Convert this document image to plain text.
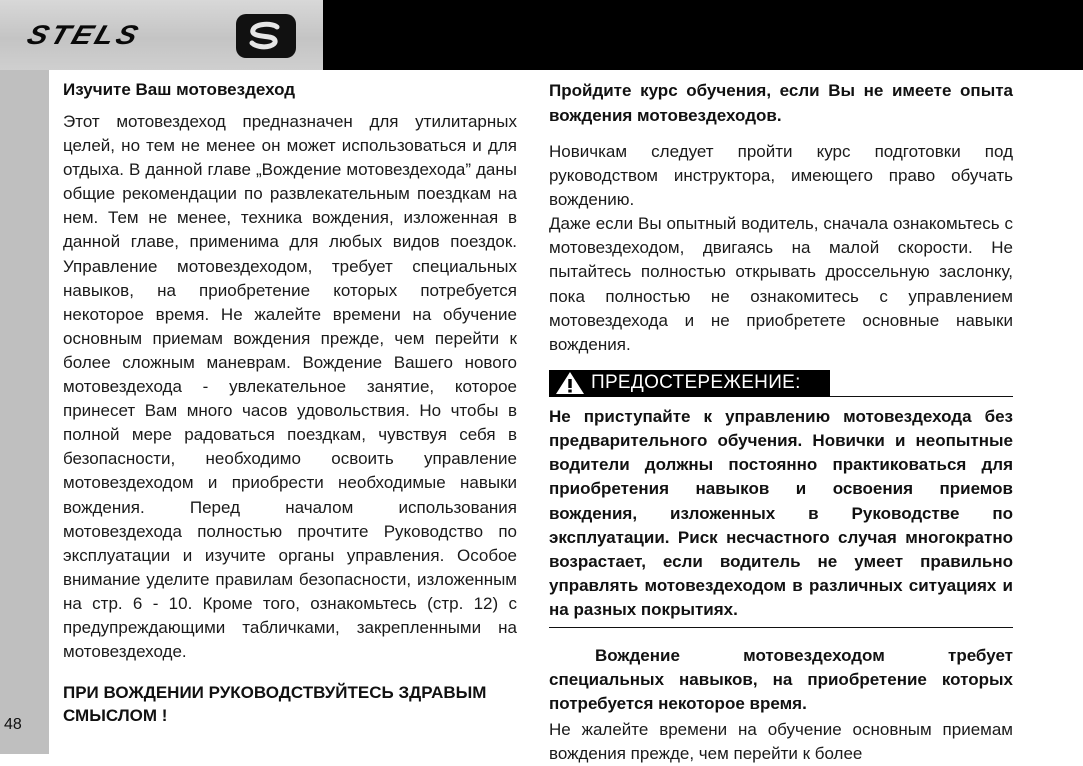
STELS
48

Изучите Ваш мотовездеход

Этот мотовездеход предназначен для утилитарных целей, но тем не менее он может использоваться и для отдыха. В данной главе „Вождение мотовездехода” даны общие рекомендации по развлекательным поездкам на нем. Тем не менее, техника вождения, изложенная в данной главе, применима для любых видов поездок. Управление мотовездеходом, требует специальных навыков, на приобретение которых потребуется некоторое время. Не жалейте времени на обучение основным приемам вождения прежде, чем перейти к более сложным маневрам. Вождение Вашего нового мотовездехода - увлекательное занятие, которое принесет Вам много часов удовольствия. Но чтобы в полной мере радоваться поездкам, чувствуя себя в безопасности, необходимо освоить управление мотовездеходом и приобрести необходимые навыки вождения. Перед началом использования мотовездехода полностью прочтите Руководство по эксплуатации и изучите органы управления. Особое внимание уделите правилам безопасности, изложенным на стр. 6 - 10. Кроме того, ознакомьтесь (стр. 12) с предупреждающими табличками, закрепленными на мотовездеходе.

ПРИ ВОЖДЕНИИ РУКОВОДСТВУЙТЕСЬ ЗДРАВЫМ СМЫСЛОМ !

Пройдите курс обучения, если Вы не имеете опыта вождения мотовездеходов.

Новичкам следует пройти курс подготовки под руководством инструктора, имеющего право обучать вождению.

Даже если Вы опытный водитель, сначала ознакомьтесь с мотовездеходом, двигаясь на малой скорости. Не пытайтесь полностью открывать дроссельную заслонку, пока полностью не ознакомитесь с управлением мотовездехода и не приобретете основные навыки вождения.

ПРЕДОСТЕРЕЖЕНИЕ:

Не приступайте к управлению мотовездехода без предварительного обучения. Новички и неопытные водители должны постоянно практиковаться для приобретения навыков и освоения приемов вождения, изложенных в Руководстве по эксплуатации. Риск несчастного случая многократно возрастает, если водитель не умеет правильно управлять мотовездеходом в различных ситуациях и на разных покрытиях.

Вождение мотовездеходом требует специальных навыков, на приобретение которых потребуется некоторое время.

Не жалейте времени на обучение основным приемам вождения прежде, чем перейти к более
